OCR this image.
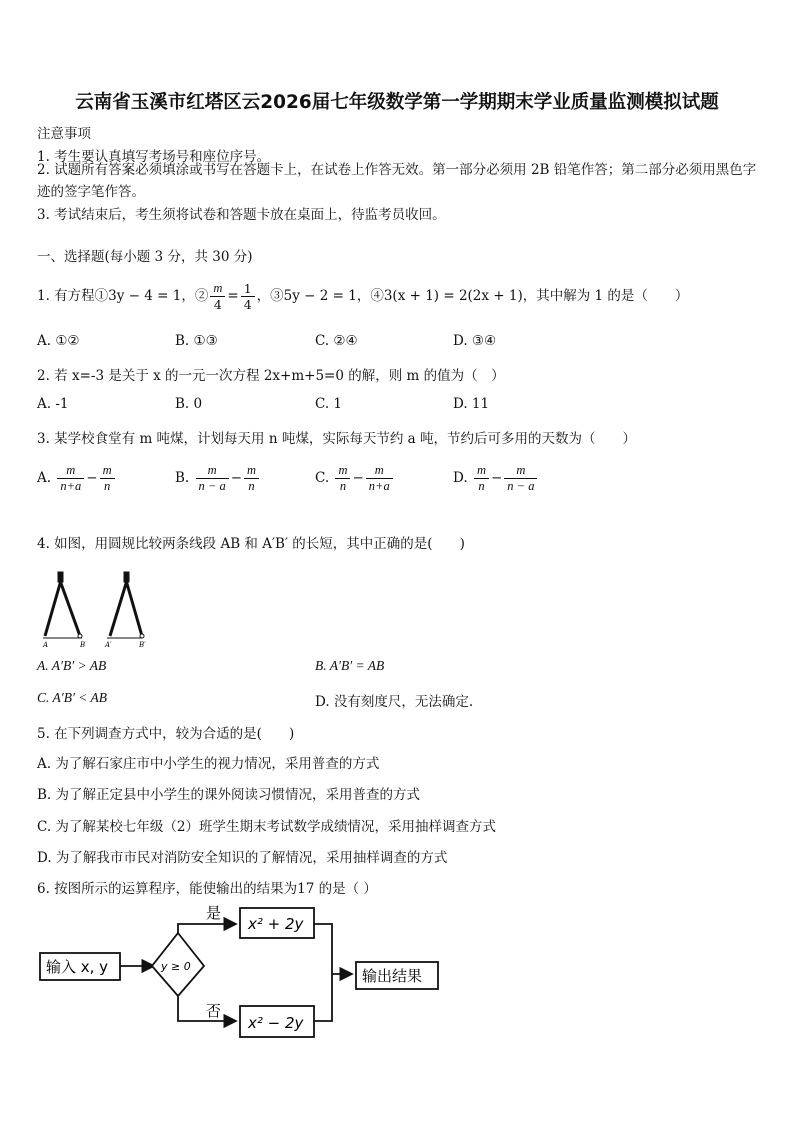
云南省玉溪市红塔区云2026届七年级数学第一学期期末学业质量监测模拟试题
注意事项
1. 考生要认真填写考场号和座位序号。
2. 试题所有答案必须填涂或书写在答题卡上，在试卷上作答无效。第一部分必须用 2B 铅笔作答；第二部分必须用黑色字迹的签字笔作答。
3. 考试结束后，考生须将试卷和答题卡放在桌面上，待监考员收回。
一、选择题(每小题 3 分，共 30 分)
1. 有方程①3y − 4 = 1，② $\frac{m}{4} = \frac{1}{4}$ ，③5y − 2 = 1，④3(x + 1) = 2(2x + 1)，其中解为 1 的是（　　）
A. ①②	B. ①③	C. ②④	D. ③④
2. 若 x=-3 是关于 x 的一元一次方程 2x+m+5=0 的解，则 m 的值为（　）
A. -1	B. 0	C. 1	D. 11
3. 某学校食堂有 m 吨煤，计划每天用 n 吨煤，实际每天节约 a 吨，节约后可多用的天数为（　　）
A. $\frac{m}{n+a} - \frac{m}{n}$	B. $\frac{m}{n - a} - \frac{m}{n}$	C. $\frac{m}{n} - \frac{m}{n+a}$	D. $\frac{m}{n} - \frac{m}{n - a}$
4. 如图，用圆规比较两条线段 AB 和 A′B′ 的长短，其中正确的是(　　)
A	B	A′	B′
A. A′B′ > AB	B. A′B′ = AB
C. A′B′ < AB	D. 没有刻度尺，无法确定.
5. 在下列调查方式中，较为合适的是(　　)
A. 为了解石家庄市中小学生的视力情况，采用普查的方式
B. 为了解正定县中小学生的课外阅读习惯情况，采用普查的方式
C. 为了解某校七年级（2）班学生期末考试数学成绩情况，采用抽样调查方式
D. 为了解我市市民对消防安全知识的了解情况，采用抽样调查的方式
6. 按图所示的运算程序，能使输出的结果为17 的是（ ）
输入 x, y	y ≥ 0
是
x² + 2y
否
x² − 2y
输出结果
